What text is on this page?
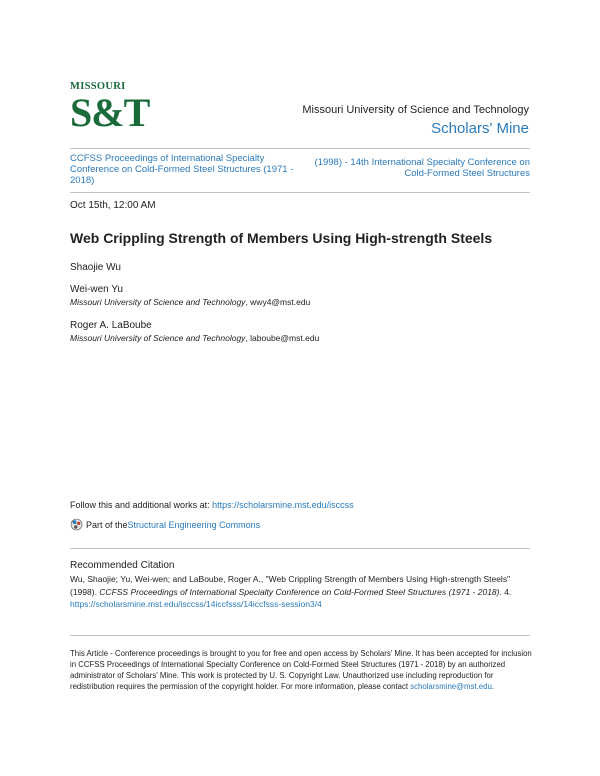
MISSOURI
S&T	Missouri University of Science and Technology
Scholars' Mine
CCFSS Proceedings of International Specialty Conference on Cold-Formed Steel Structures (1971 - 2018)
(1998) - 14th International Specialty Conference on Cold-Formed Steel Structures
Oct 15th, 12:00 AM
Web Crippling Strength of Members Using High-strength Steels
Shaojie Wu
Wei-wen Yu
Missouri University of Science and Technology, wwy4@mst.edu
Roger A. LaBoube
Missouri University of Science and Technology, laboube@mst.edu
Follow this and additional works at: https://scholarsmine.mst.edu/isccss
Part of the Structural Engineering Commons
Recommended Citation
Wu, Shaojie; Yu, Wei-wen; and LaBoube, Roger A., "Web Crippling Strength of Members Using High-strength Steels" (1998). CCFSS Proceedings of International Specialty Conference on Cold-Formed Steel Structures (1971 - 2018). 4.
https://scholarsmine.mst.edu/isccss/14iccfsss/14iccfsss-session3/4
This Article - Conference proceedings is brought to you for free and open access by Scholars' Mine. It has been accepted for inclusion in CCFSS Proceedings of International Specialty Conference on Cold-Formed Steel Structures (1971 - 2018) by an authorized administrator of Scholars' Mine. This work is protected by U. S. Copyright Law. Unauthorized use including reproduction for redistribution requires the permission of the copyright holder. For more information, please contact scholarsmine@mst.edu.
